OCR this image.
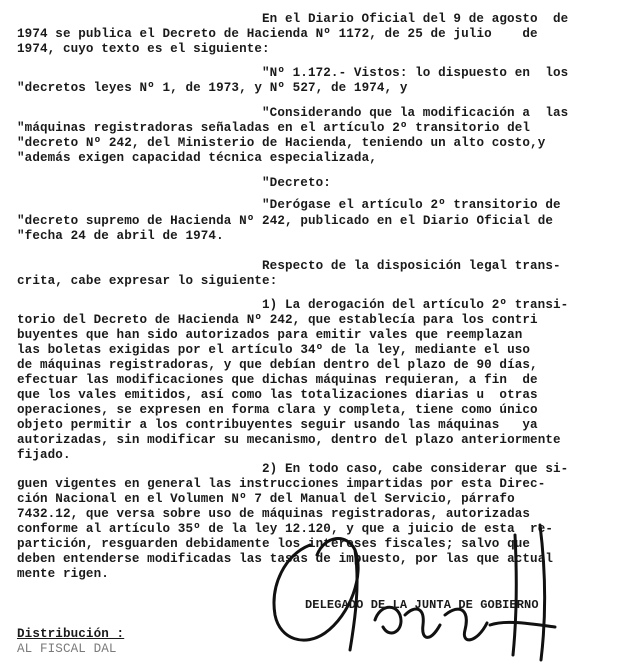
En el Diario Oficial del 9 de agosto  de
1974 se publica el Decreto de Hacienda Nº 1172, de 25 de julio    de
1974, cuyo texto es el siguiente:
"Nº 1.172.- Vistos: lo dispuesto en  los
"decretos leyes Nº 1, de 1973, y Nº 527, de 1974, y
"Considerando que la modificación a  las
"máquinas registradoras señaladas en el artículo 2º transitorio del
"decreto Nº 242, del Ministerio de Hacienda, teniendo un alto costo,y
"además exigen capacidad técnica especializada,
"Decreto:
"Derógase el artículo 2º transitorio de
"decreto supremo de Hacienda Nº 242, publicado en el Diario Oficial de
"fecha 24 de abril de 1974.
Respecto de la disposición legal trans-
crita, cabe expresar lo siguiente:
1) La derogación del artículo 2º transi-
torio del Decreto de Hacienda Nº 242, que establecía para los contri
buyentes que han sido autorizados para emitir vales que reemplazan
las boletas exigidas por el artículo 34º de la ley, mediante el uso
de máquinas registradoras, y que debían dentro del plazo de 90 días,
efectuar las modificaciones que dichas máquinas requieran, a fin  de
que los vales emitidos, así como las totalizaciones diarias u  otras
operaciones, se expresen en forma clara y completa, tiene como único
objeto permitir a los contribuyentes seguir usando las máquinas   ya
autorizadas, sin modificar su mecanismo, dentro del plazo anteriormente
fijado.
2) En todo caso, cabe considerar que si-
guen vigentes en general las instrucciones impartidas por esta Direc-
ción Nacional en el Volumen Nº 7 del Manual del Servicio, párrafo
7432.12, que versa sobre uso de máquinas registradoras, autorizadas
conforme al artículo 35º de la ley 12.120, y que a juicio de esta  re-
partición, resguarden debidamente los intereses fiscales; salvo que
deben entenderse modificadas las tasas de impuesto, por las que actual
mente rigen.
DELEGADO DE LA JUNTA DE GOBIERNO
Distribución :
AL FISCAL DAL
